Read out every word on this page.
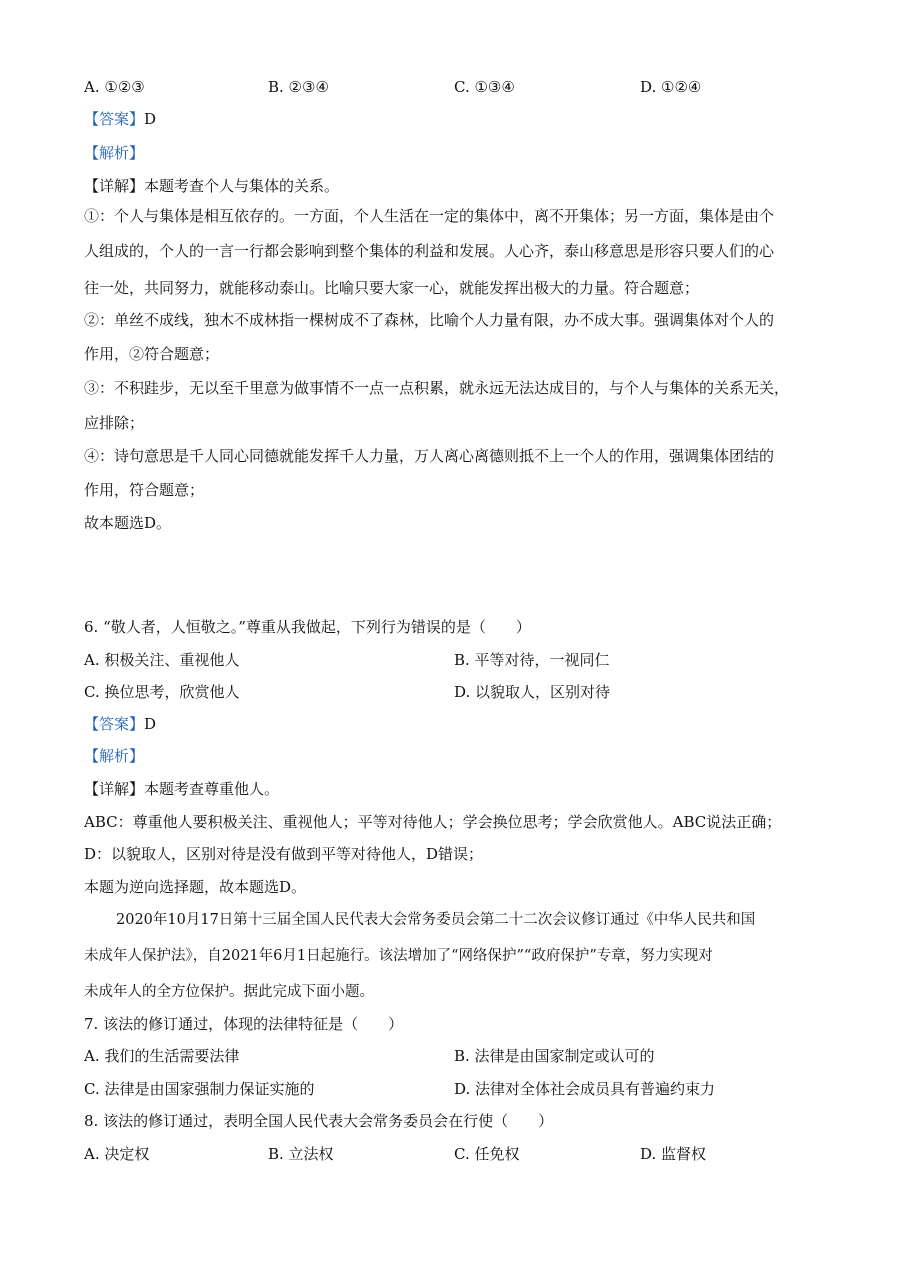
A. ①②③	B. ②③④	C. ①③④	D. ①②④
【答案】D
【解析】
【详解】本题考查个人与集体的关系。
①：个人与集体是相互依存的。一方面，个人生活在一定的集体中，离不开集体；另一方面，集体是由个
人组成的，个人的一言一行都会影响到整个集体的利益和发展。人心齐，泰山移意思是形容只要人们的心
往一处，共同努力，就能移动泰山。比喻只要大家一心，就能发挥出极大的力量。符合题意；
②：单丝不成线，独木不成林指一棵树成不了森林，比喻个人力量有限，办不成大事。强调集体对个人的
作用，②符合题意；
③：不积跬步，无以至千里意为做事情不一点一点积累，就永远无法达成目的，与个人与集体的关系无关，
应排除；
④：诗句意思是千人同心同德就能发挥千人力量，万人离心离德则抵不上一个人的作用，强调集体团结的
作用，符合题意；
故本题选D。
6. “敬人者，人恒敬之。”尊重从我做起，下列行为错误的是（　　）
A. 积极关注、重视他人	B. 平等对待，一视同仁
C. 换位思考，欣赏他人	D. 以貌取人，区别对待
【答案】D
【解析】
【详解】本题考查尊重他人。
ABC：尊重他人要积极关注、重视他人；平等对待他人；学会换位思考；学会欣赏他人。ABC说法正确；
D：以貌取人，区别对待是没有做到平等对待他人，D错误；
本题为逆向选择题，故本题选D。
2020年10月17日第十三届全国人民代表大会常务委员会第二十二次会议修订通过《中华人民共和国
未成年人保护法》，自2021年6月1日起施行。该法增加了“网络保护”“政府保护”专章，努力实现对
未成年人的全方位保护。据此完成下面小题。
7. 该法的修订通过，体现的法律特征是（　　）
A. 我们的生活需要法律	B. 法律是由国家制定或认可的
C. 法律是由国家强制力保证实施的	D. 法律对全体社会成员具有普遍约束力
8. 该法的修订通过，表明全国人民代表大会常务委员会在行使（　　）
A. 决定权	B. 立法权	C. 任免权	D. 监督权
